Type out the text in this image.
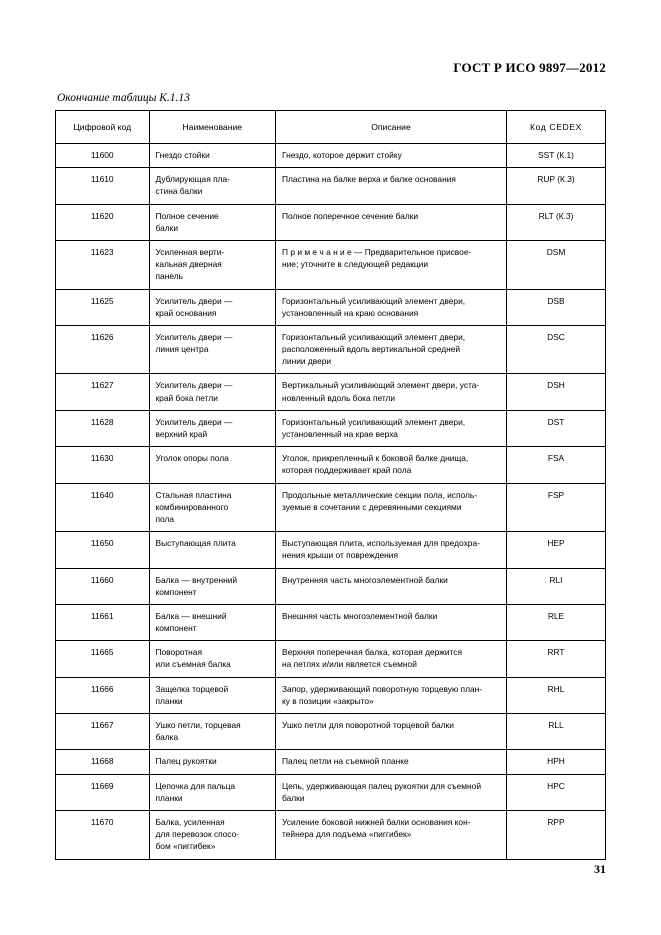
ГОСТ Р ИСО 9897—2012
Окончание таблицы К.1.13
Цифровой код	Наименование	Описание	Код CEDEX
11600	Гнездо стойки	Гнездо, которое держит стойку	SST (К.1)
11610	Дублирующая пла-
стина балки	Пластина на балке верха и балке основания	RUP (К.3)
11620	Полное сечение
балки	Полное поперечное сечение балки	RLT (К.3)
11623	Усиленная верти-
кальная дверная
панель	П р и м е ч а н и е — Предварительное присвое-
ние; уточните в следующей редакции	DSM
11625	Усилитель двери —
край основания	Горизонтальный усиливающий элемент двери,
установленный на краю основания	DSB
11626	Усилитель двери —
линия центра	Горизонтальный усиливающий элемент двери,
расположенный вдоль вертикальной средней
линии двери	DSC
11627	Усилитель двери —
край бока петли	Вертикальный усиливающий элемент двери, уста-
новленный вдоль бока петли	DSH
11628	Усилитель двери —
верхний край	Горизонтальный усиливающий элемент двери,
установленный на крае верха	DST
11630	Уголок опоры пола	Уголок, прикрепленный к боковой балке днища,
которая поддерживает край пола	FSA
11640	Стальная пластина
комбинированного
пола	Продольные металлические секции пола, исполь-
зуемые в сочетании с деревянными секциями	FSP
11650	Выступающая плита	Выступающая плита, используемая для предохра-
нения крыши от повреждения	HEP
11660	Балка — внутренний
компонент	Внутренняя часть многоэлементной балки	RLI
11661	Балка — внешний
компонент	Внешняя часть многоэлементной балки	RLE
11665	Поворотная
или съемная балка	Верхняя поперечная балка, которая держится
на петлях и/или является съемной	RRT
11666	Защелка торцевой
планки	Запор, удерживающий поворотную торцевую план-
ку в позиции «закрыто»	RHL
11667	Ушко петли, торцевая
балка	Ушко петли для поворотной торцевой балки	RLL
11668	Палец рукоятки	Палец петли на съемной планке	HPH
11669	Цепочка для пальца
планки	Цепь, удерживающая палец рукоятки для съемной
балки	HPC
11670	Балка, усиленная
для перевозок спосо-
бом «пиггибек»	Усиление боковой нижней балки основания кон-
тейнера для подъема «пиггибек»	RPP
31
